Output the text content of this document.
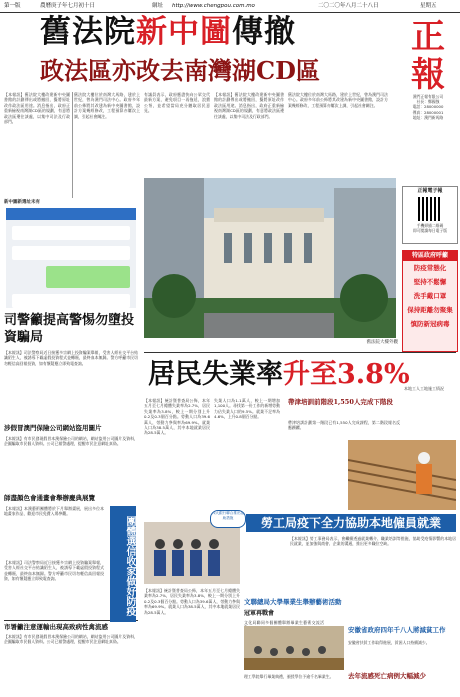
第一版	農曆庚子年七月初十日	網址 http://www.chengpou.com.mo	二〇二〇年八月二十八日	星期五
舊法院新中圖傳撤
政法區亦改去南灣湖CD區
正
報
澳門正報有限公司
社長：鄭國強
電話：28000000
傳真：28000001
地址：澳門新馬路
正報電子報
手機掃描二維碼
即可閱讀每日電子版
特區政府呼籲
防疫常態化
堅持不鬆懈
洗手戴口罩
保持距離勿聚集
慎防新冠病毒
【本報訊】舊法院大樓改建新中央圖書館的計劃傳出或將撤回，擬將原址改作政法區用途。消息指出，政府正重新檢視南灣湖CD區的規劃，有意將政法區遷往該處，以集中司法及行政部門。
舊法院大樓位於南灣大馬路，建於上世紀，曾為澳門司法中心。政府多年前公佈將其改建為新中央圖書館，設計方案幾經修改，工程預算亦屢次上調，引起社會關注。
有議員表示，政府應盡快向公眾交代最新方案，避免項目一再拖延，浪費公帑，並希望當局充分聽取居民意見。
【本報訊】舊法院大樓改建新中央圖書館的計劃傳出或將撤回，擬將原址改作政法區用途。消息指出，政府正重新檢視南灣湖CD區的規劃，有意將政法區遷往該處，以集中司法及行政部門。
舊法院大樓位於南灣大馬路，建於上世紀，曾為澳門司法中心。政府多年前公佈將其改建為新中央圖書館，設計方案幾經修改，工程預算亦屢次上調，引起社會關注。
舊法院大樓外觀
新中圖新選址未有
司警籲提高警惕勿墮投資騙局
【本報訊】司法警察局近日接獲多宗網上投資騙案舉報，受害人經社交平台結識陌生人，被誘導下載虛假投資程式並轉賬，最終血本無歸。警方呼籲市民切勿輕信高回報投資，如有懷疑應立即致電查詢。
涉假冒澳門保險公司網站盜用圖片
【本報訊】有市民發現假冒本澳保險公司的網站，網站盜用公司圖片及資料，企圖騙取市民個人資料。公司已報警處理，提醒市民注意網址真偽。
師盡顏色會通畫會舉辦慶典展覽
【本報訊】本澳藝術團體將於下月舉辦畫展，展出多位本地畫家作品，歡迎市民免費入場參觀。
【本報訊】司法警察局近日接獲多宗網上投資騙案舉報，受害人經社交平台結識陌生人，被誘導下載虛假投資程式並轉賬，最終血本無歸。警方呼籲市民切勿輕信高回報投資，如有懷疑應立即致電查詢。
市署籲注意運輸出現高致病性禽流感
【本報訊】有市民發現假冒本澳保險公司的網站，網站盜用公司圖片及資料，企圖騙取市民個人資料。公司已報警處理，提醒市民注意網址真偽。
團體選信收家做好防疫
居民失業率升至3.8%
【本報訊】統計暨普查局公佈，本年五月至七月總體失業率為2.7%，居民失業率為3.8%，較上一期分別上升0.2及0.3個百分點。勞動人口為39.6萬人，勞動力參與率為69.9%。就業人口為38.5萬人，其中本地就業居民為28.5萬人。
失業人口為1.1萬人，較上一期增加1,100人。尋找第一份工作的新增勞動力佔失業人口的9.5%。就業不足率為4.6%，上升0.8個百分點。
帶津培訓前階段1,550人完成下階段
帶津培訓計劃第一階段已有1,550人完成課程，第二階段報名反應踴躍。
本地工人工地施工情況
勞工局疫下全力協助本地僱員就業
【本報訊】勞工事務局表示，會繼續透過就業轉介、職業培訓等措施，協助受疫情影響的本地居民就業，並加強與商會、企業的溝通，推出更多職位空缺。
四大銀行聯合推出援助措施
【本報訊】統計暨普查局公佈，本年五月至七月總體失業率為2.7%，居民失業率為3.8%，較上一期分別上升0.2及0.3個百分點。勞動人口為39.6萬人，勞動力參與率為69.9%。就業人口為38.5萬人，其中本地就業居民為28.5萬人。
文聯總局大學畢業生舉辦藝術活動
冠軍再戰會
文化局聯同多個團體舉辦畢業生藝術交流活
安徽省政府四年千八人將減貧工作
安徽省扶貧工作取得進展，貧困人口持續減少。
去年流感死亡病例大幅減少
理工學院舉行畢業典禮，頒授學位予逾千名畢業生。
